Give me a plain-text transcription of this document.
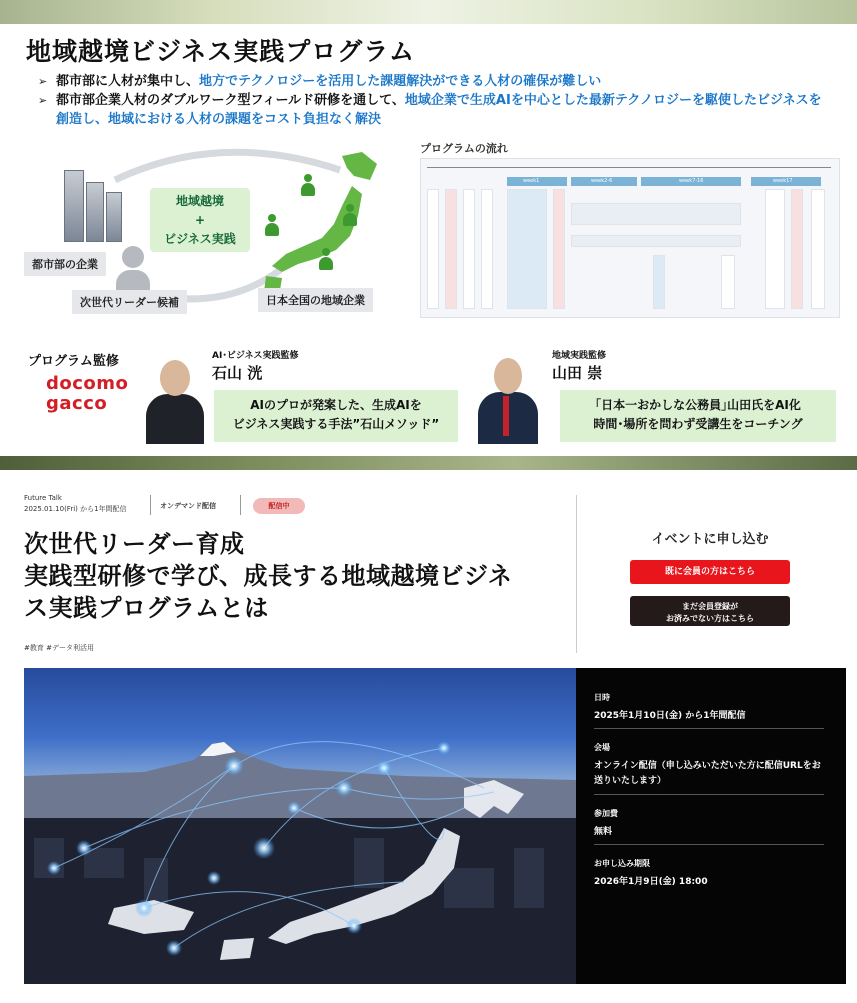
地域越境ビジネス実践プログラム
➢ 都市部に人材が集中し、地方でテクノロジーを活用した課題解決ができる人材の確保が難しい
➢ 都市部企業人材のダブルワーク型フィールド研修を通して、地域企業で生成AIを中心とした最新テクノロジーを駆使したビジネスを創造し、地域における人材の課題をコスト負担なく解決
都市部の企業
次世代リーダー候補
地域越境
+
ビジネス実践
日本全国の地域企業
プログラムの流れ
week1	week2-6	week7-16	week17
プログラム監修
docomo
gacco
AI･ビジネス実践監修
石山 洸
AIのプロが発案した、生成AIを
ビジネス実践する手法”石山メソッド”
地域実践監修
山田 崇
｢日本一おかしな公務員｣山田氏をAI化
時間･場所を問わず受講生をコーチング
Future Talk
2025.01.10(Fri) から1年間配信	オンデマンド配信	配信中
次世代リーダー育成
実践型研修で学び、成長する地域越境ビジネ
ス実践プログラムとは
#教育 #データ利活用
イベントに申し込む
既に会員の方はこちら
まだ会員登録が
お済みでない方はこちら
日時
2025年1月10日(金) から1年間配信
会場
オンライン配信（申し込みいただいた方に配信URLをお送りいたします）
参加費
無料
お申し込み期限
2026年1月9日(金) 18:00
